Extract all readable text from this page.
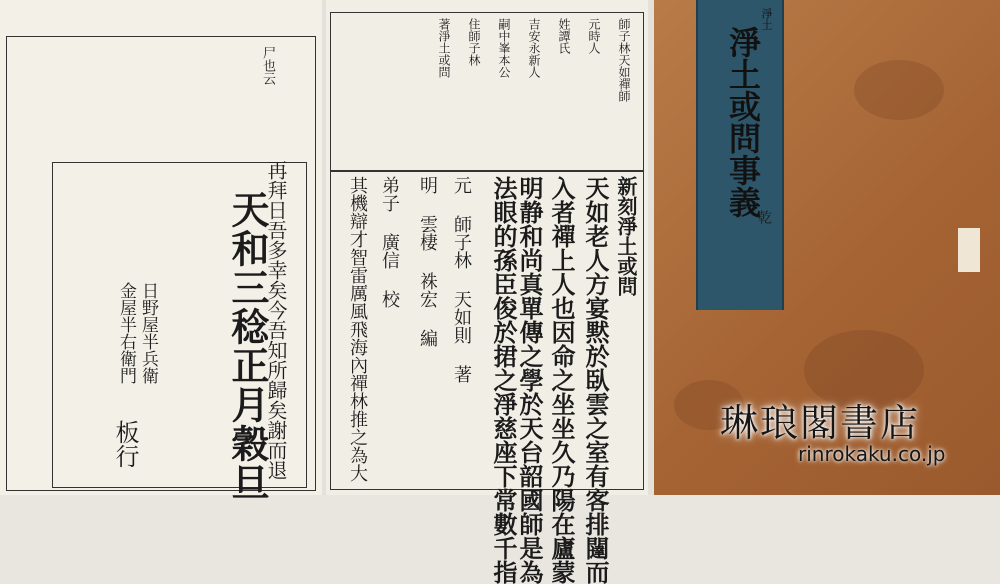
尸也云
再拜日吾多幸矣今吾知所歸矣謝而退
天和三稔正月穀旦
日野屋半兵衛
金屋半右衛門
板行
師子林天如禪師
元時人
姓譚氏
吉安永新人
嗣中峯本公
住師子林
著淨土或問
新刻淨土或問
天如老人方宴黙於臥雲之室有客排闥而
入者禪上人也因命之坐坐久乃陽在廬蒙
明静和尚真單傳之學於天台韶國師是為
法眼的孫臣俊於捃之淨慈座下常數千指
元 師子林 天如則 著
明 雲棲 袾宏 編
弟子 廣信 校
其機辯才智雷厲風飛海內禪林推之為大
淨土
淨土或問事義
乾
琳琅閣書店
rinrokaku.co.jp
